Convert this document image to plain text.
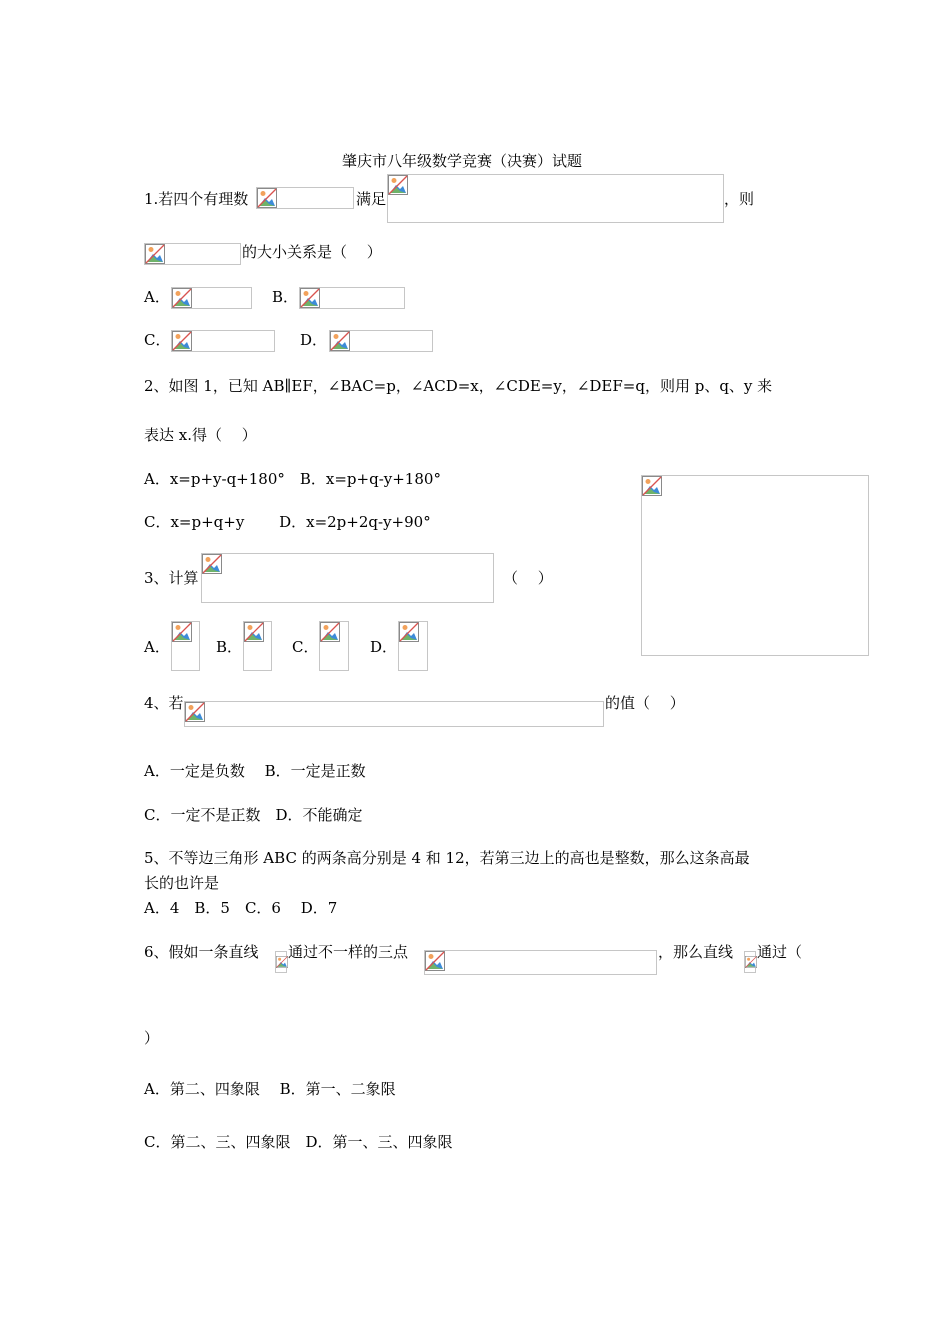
肇庆市八年级数学竞赛（决赛）试题
1.若四个有理数	满足	，则
的大小关系是（　 ）
A．	B．
C．	D．
2、如图 1，已知 AB∥EF，∠BAC=p，∠ACD=x，∠CDE=y，∠DEF=q，则用 p、q、y 来
表达 x.得（　 ）
A．x=p+y-q+180°　B．x=p+q-y+180°
C．x=p+q+y　　 D．x=2p+2q-y+90°
3、计算	（　 ）
A．	B．	C．	D．
4、若	的值（　 ）
A．一定是负数　 B．一定是正数
C．一定不是正数　D．不能确定
5、不等边三角形 ABC 的两条高分别是 4 和 12，若第三边上的高也是整数，那么这条高最
长的也许是
A．4　B．5　C．6　 D．7
6、假如一条直线 通过不一样的三点	，那么直线 通过（
）
A．第二、四象限　 B．第一、二象限
C．第二、三、四象限　D．第一、三、四象限
